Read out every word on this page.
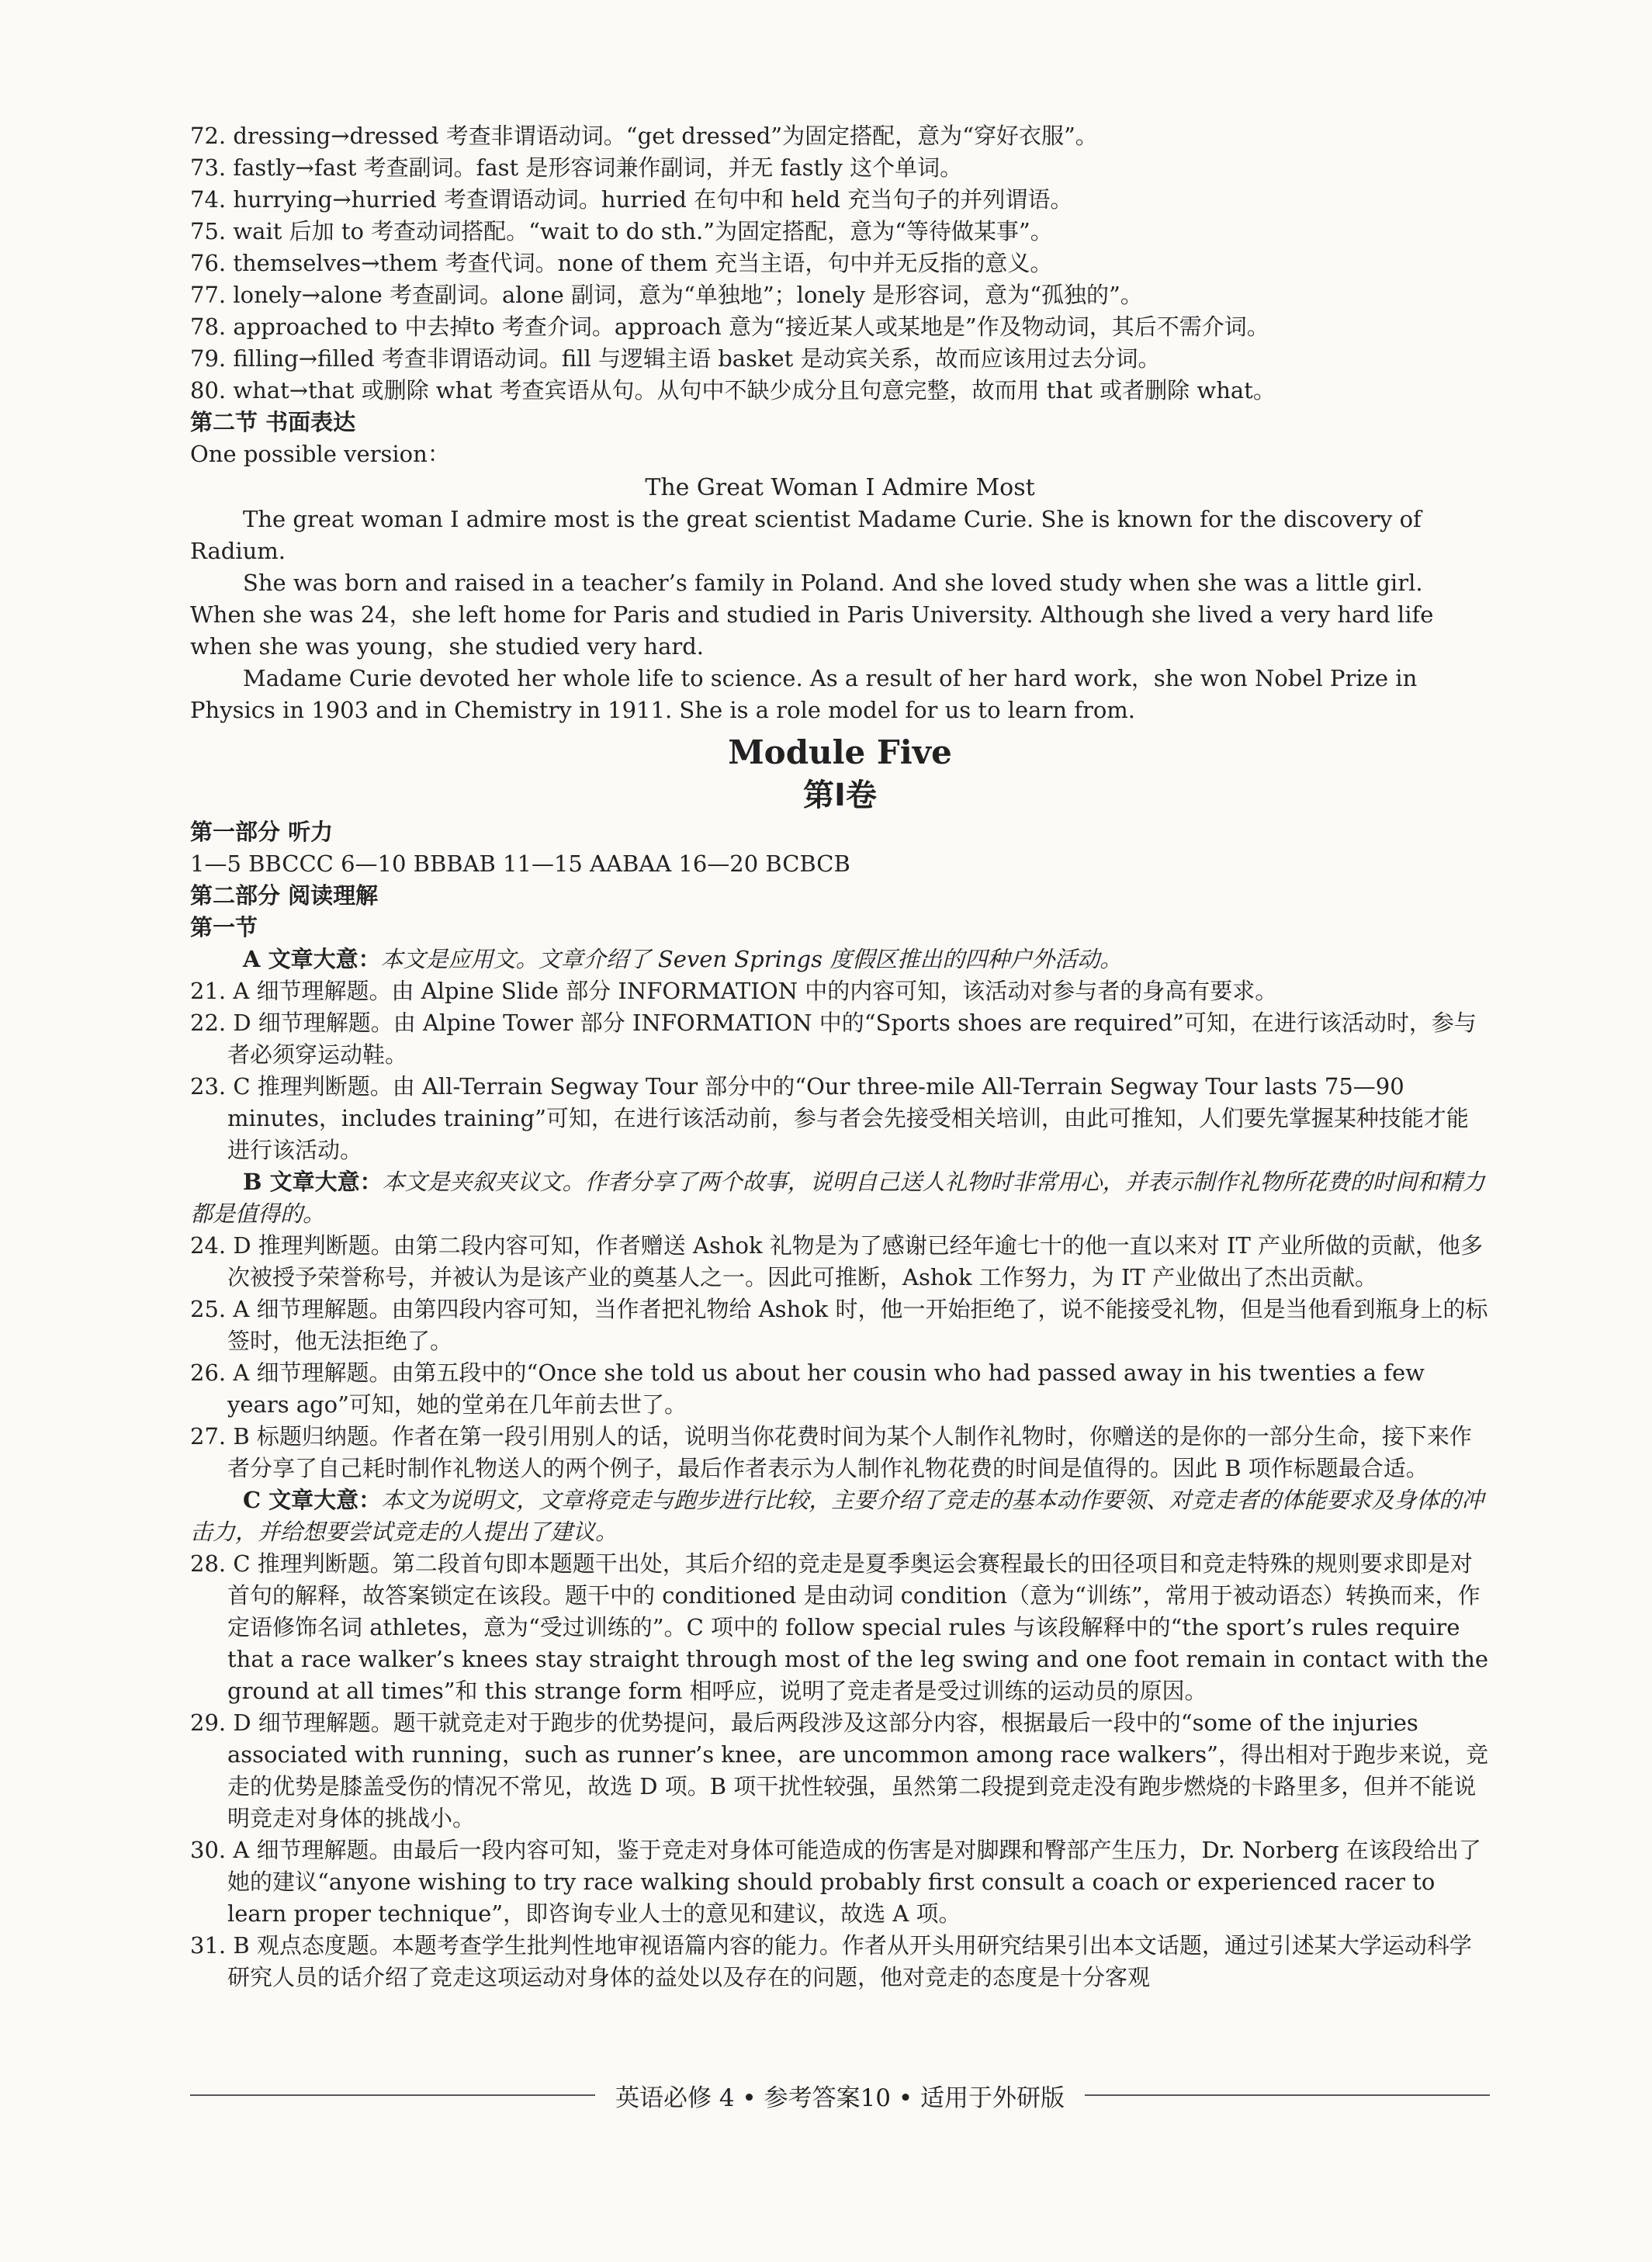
72. dressing→dressed 考查非谓语动词。“get dressed”为固定搭配，意为“穿好衣服”。
73. fastly→fast 考查副词。fast 是形容词兼作副词，并无 fastly 这个单词。
74. hurrying→hurried 考查谓语动词。hurried 在句中和 held 充当句子的并列谓语。
75. wait 后加 to 考查动词搭配。“wait to do sth.”为固定搭配，意为“等待做某事”。
76. themselves→them 考查代词。none of them 充当主语，句中并无反指的意义。
77. lonely→alone 考查副词。alone 副词，意为“单独地”；lonely 是形容词，意为“孤独的”。
78. approached to 中去掉to 考查介词。approach 意为“接近某人或某地是”作及物动词，其后不需介词。
79. filling→filled 考查非谓语动词。fill 与逻辑主语 basket 是动宾关系，故而应该用过去分词。
80. what→that 或删除 what 考查宾语从句。从句中不缺少成分且句意完整，故而用 that 或者删除 what。
第二节 书面表达
One possible version：
The Great Woman I Admire Most

The great woman I admire most is the great scientist Madame Curie. She is known for the discovery of Radium.

She was born and raised in a teacher’s family in Poland. And she loved study when she was a little girl. When she was 24，she left home for Paris and studied in Paris University. Although she lived a very hard life when she was young，she studied very hard.

Madame Curie devoted her whole life to science. As a result of her hard work，she won Nobel Prize in Physics in 1903 and in Chemistry in 1911. She is a role model for us to learn from.

Module Five
第Ⅰ卷
第一部分 听力
1—5 BBCCC 6—10 BBBAB 11—15 AABAA 16—20 BCBCB
第二部分 阅读理解
第一节

A 文章大意：本文是应用文。文章介绍了 Seven Springs 度假区推出的四种户外活动。

21. A 细节理解题。由 Alpine Slide 部分 INFORMATION 中的内容可知，该活动对参与者的身高有要求。

22. D 细节理解题。由 Alpine Tower 部分 INFORMATION 中的“Sports shoes are required”可知，在进行该活动时，参与者必须穿运动鞋。

23. C 推理判断题。由 All-Terrain Segway Tour 部分中的“Our three-mile All-Terrain Segway Tour lasts 75—90 minutes，includes training”可知，在进行该活动前，参与者会先接受相关培训，由此可推知，人们要先掌握某种技能才能进行该活动。

B 文章大意：本文是夹叙夹议文。作者分享了两个故事，说明自己送人礼物时非常用心，并表示制作礼物所花费的时间和精力都是值得的。

24. D 推理判断题。由第二段内容可知，作者赠送 Ashok 礼物是为了感谢已经年逾七十的他一直以来对 IT 产业所做的贡献，他多次被授予荣誉称号，并被认为是该产业的奠基人之一。因此可推断，Ashok 工作努力，为 IT 产业做出了杰出贡献。

25. A 细节理解题。由第四段内容可知，当作者把礼物给 Ashok 时，他一开始拒绝了，说不能接受礼物，但是当他看到瓶身上的标签时，他无法拒绝了。

26. A 细节理解题。由第五段中的“Once she told us about her cousin who had passed away in his twenties a few years ago”可知，她的堂弟在几年前去世了。

27. B 标题归纳题。作者在第一段引用别人的话，说明当你花费时间为某个人制作礼物时，你赠送的是你的一部分生命，接下来作者分享了自己耗时制作礼物送人的两个例子，最后作者表示为人制作礼物花费的时间是值得的。因此 B 项作标题最合适。

C 文章大意：本文为说明文，文章将竞走与跑步进行比较，主要介绍了竞走的基本动作要领、对竞走者的体能要求及身体的冲击力，并给想要尝试竞走的人提出了建议。

28. C 推理判断题。第二段首句即本题题干出处，其后介绍的竞走是夏季奥运会赛程最长的田径项目和竞走特殊的规则要求即是对首句的解释，故答案锁定在该段。题干中的 conditioned 是由动词 condition（意为“训练”，常用于被动语态）转换而来，作定语修饰名词 athletes，意为“受过训练的”。C 项中的 follow special rules 与该段解释中的“the sport’s rules require that a race walker’s knees stay straight through most of the leg swing and one foot remain in contact with the ground at all times”和 this strange form 相呼应，说明了竞走者是受过训练的运动员的原因。

29. D 细节理解题。题干就竞走对于跑步的优势提问，最后两段涉及这部分内容，根据最后一段中的“some of the injuries associated with running，such as runner’s knee，are uncommon among race walkers”，得出相对于跑步来说，竞走的优势是膝盖受伤的情况不常见，故选 D 项。B 项干扰性较强，虽然第二段提到竞走没有跑步燃烧的卡路里多，但并不能说明竞走对身体的挑战小。

30. A 细节理解题。由最后一段内容可知，鉴于竞走对身体可能造成的伤害是对脚踝和臀部产生压力，Dr. Norberg 在该段给出了她的建议“anyone wishing to try race walking should probably first consult a coach or experienced racer to learn proper technique”，即咨询专业人士的意见和建议，故选 A 项。

31. B 观点态度题。本题考查学生批判性地审视语篇内容的能力。作者从开头用研究结果引出本文话题，通过引述某大学运动科学研究人员的话介绍了竞走这项运动对身体的益处以及存在的问题，他对竞走的态度是十分客观

英语必修 4 • 参考答案10 • 适用于外研版
